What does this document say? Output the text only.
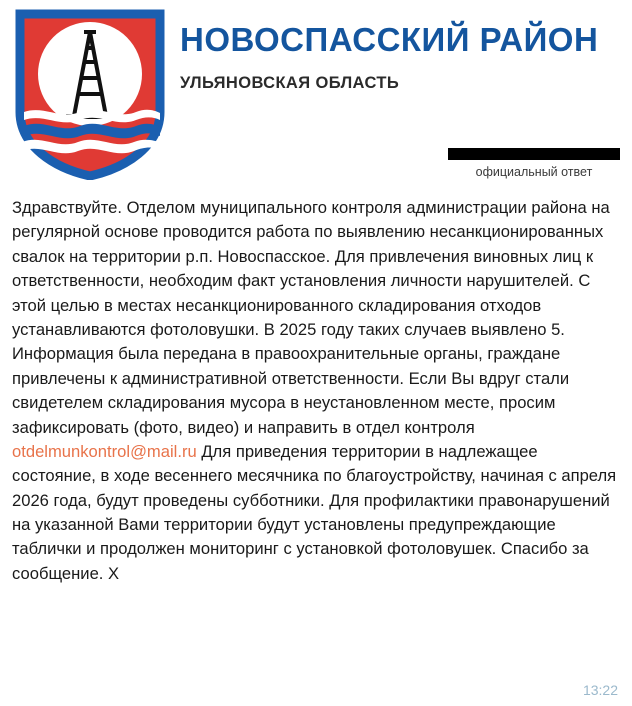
НОВОСПАССКИЙ РАЙОН
УЛЬЯНОВСКАЯ ОБЛАСТЬ
официальный ответ
Здравствуйте. Отделом муниципального контроля администрации района на регулярной основе проводится работа по выявлению несанкционированных свалок на территории р.п. Новоспасское. Для привлечения виновных лиц к ответственности, необходим факт установления личности нарушителей. С этой целью в местах несанкционированного складирования отходов устанавливаются фотоловушки. В 2025 году таких случаев выявлено 5. Информация была передана в правоохранительные органы, граждане привлечены к административной ответственности. Если Вы вдруг стали свидетелем складирования мусора в неустановленном месте, просим зафиксировать (фото, видео) и направить в отдел контроля otdelmunkontrol@mail.ru Для приведения территории в надлежащее состояние, в ходе весеннего месячника по благоустройству, начиная с апреля 2026 года, будут проведены субботники. Для профилактики правонарушений на указанной Вами территории будут установлены предупреждающие таблички и продолжен мониторинг с установкой фотоловушек. Спасибо за сообщение. X
13:22
